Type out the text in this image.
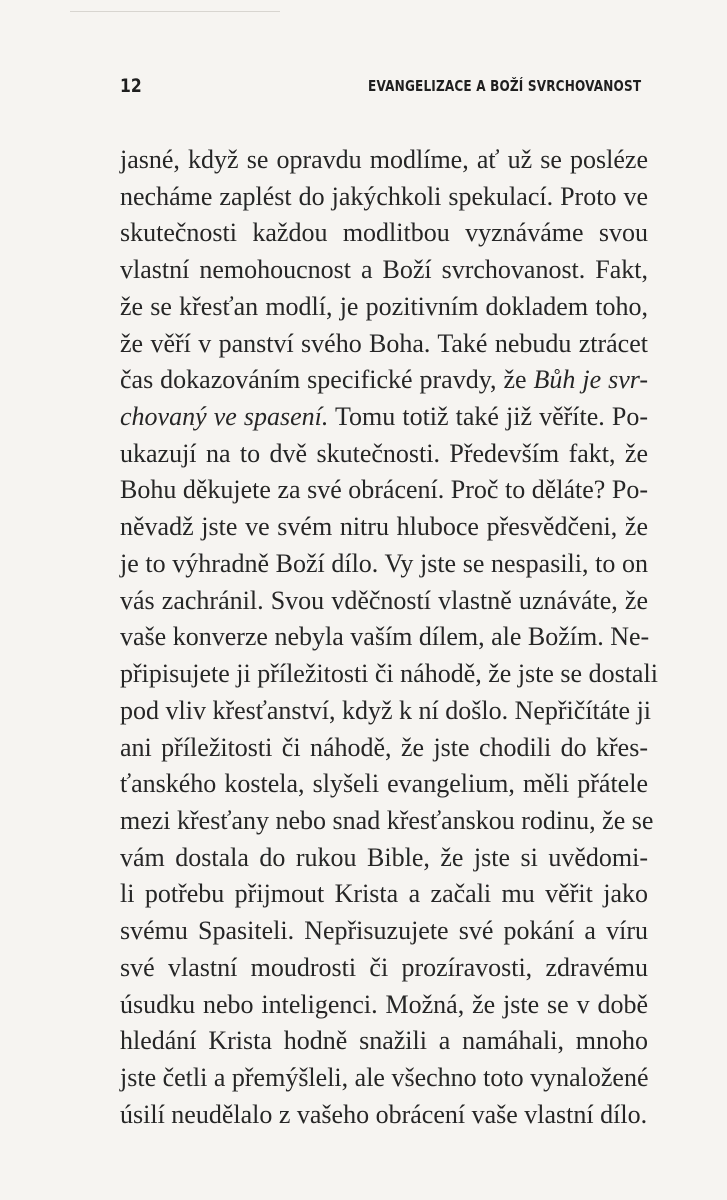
12	EVANGELIZACE A BOŽÍ SVRCHOVANOST
jasné, když se opravdu modlíme, ať už se posléze
necháme zaplést do jakýchkoli spekulací. Proto ve
skutečnosti každou modlitbou vyznáváme svou
vlastní nemohoucnost a Boží svrchovanost. Fakt,
že se křesťan modlí, je pozitivním dokladem toho,
že věří v panství svého Boha. Také nebudu ztrácet
čas dokazováním specifické pravdy, že Bůh je svr-
chovaný ve spasení. Tomu totiž také již věříte. Po-
ukazují na to dvě skutečnosti. Především fakt, že
Bohu děkujete za své obrácení. Proč to děláte? Po-
něvadž jste ve svém nitru hluboce přesvědčeni, že
je to výhradně Boží dílo. Vy jste se nespasili, to on
vás zachránil. Svou vděčností vlastně uznáváte, že
vaše konverze nebyla vaším dílem, ale Božím. Ne-
připisujete ji příležitosti či náhodě, že jste se dostali
pod vliv křesťanství, když k ní došlo. Nepřičítáte ji
ani příležitosti či náhodě, že jste chodili do křes-
ťanského kostela, slyšeli evangelium, měli přátele
mezi křesťany nebo snad křesťanskou rodinu, že se
vám dostala do rukou Bible, že jste si uvědomi-
li potřebu přijmout Krista a začali mu věřit jako
svému Spasiteli. Nepřisuzujete své pokání a víru
své vlastní moudrosti či prozíravosti, zdravému
úsudku nebo inteligenci. Možná, že jste se v době
hledání Krista hodně snažili a namáhali, mnoho
jste četli a přemýšleli, ale všechno toto vynaložené
úsilí neudělalo z vašeho obrácení vaše vlastní dílo.
